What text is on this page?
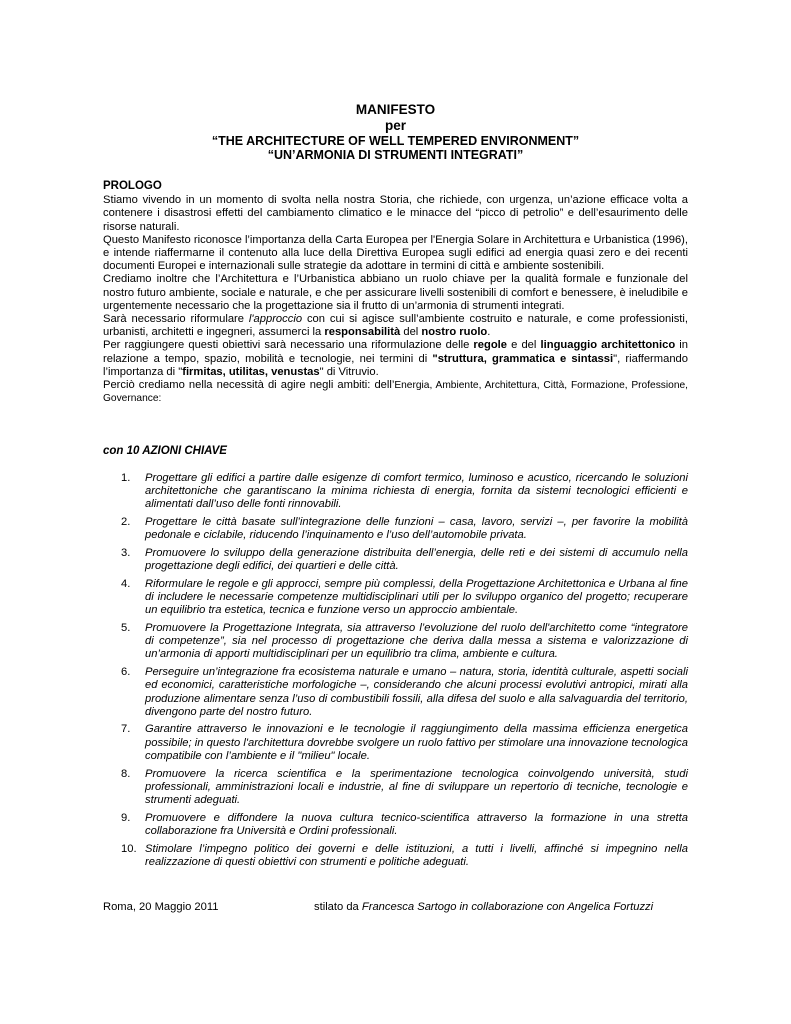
MANIFESTO
per
“THE ARCHITECTURE OF WELL TEMPERED ENVIRONMENT”
“UN’ARMONIA DI STRUMENTI INTEGRATI”
PROLOGO

Stiamo vivendo in un momento di svolta nella nostra Storia, che richiede, con urgenza, un’azione efficace volta a contenere i disastrosi effetti del cambiamento climatico e le minacce del “picco di petrolio” e dell’esaurimento delle risorse naturali.

Questo Manifesto riconosce l’importanza della Carta Europea per l'Energia Solare in Architettura e Urbanistica (1996), e intende riaffermarne il contenuto alla luce della Direttiva Europea sugli edifici ad energia quasi zero e dei recenti documenti Europei e internazionali sulle strategie da adottare in termini di città e ambiente sostenibili.

Crediamo inoltre che l’Architettura e l’Urbanistica abbiano un ruolo chiave per la qualità formale e funzionale del nostro futuro ambiente, sociale e naturale, e che per assicurare livelli sostenibili di comfort e benessere, è ineludibile e urgentemente necessario che la progettazione sia il frutto di un’armonia di strumenti integrati.

Sarà necessario riformulare l'approccio con cui si agisce sull’ambiente costruito e naturale, e come professionisti, urbanisti, architetti e ingegneri, assumerci la responsabilità del nostro ruolo.

Per raggiungere questi obiettivi sarà necessario una riformulazione delle regole e del linguaggio architettonico in relazione a tempo, spazio, mobilità e tecnologie, nei termini di "struttura, grammatica e sintassi", riaffermando l’importanza di "firmitas, utilitas, venustas" di Vitruvio.

Perciò crediamo nella necessità di agire negli ambiti: dell’Energia, Ambiente, Architettura, Città, Formazione, Professione, Governance:

con 10 AZIONI CHIAVE
1.	Progettare gli edifici a partire dalle esigenze di comfort termico, luminoso e acustico, ricercando le soluzioni architettoniche che garantiscano la minima richiesta di energia, fornita da sistemi tecnologici efficienti e alimentati dall’uso delle fonti rinnovabili.
2.	Progettare le città basate sull’integrazione delle funzioni – casa, lavoro, servizi –, per favorire la mobilità pedonale e ciclabile, riducendo l’inquinamento e l’uso dell’automobile privata.
3.	Promuovere lo sviluppo della generazione distribuita dell’energia, delle reti e dei sistemi di accumulo nella progettazione degli edifici, dei quartieri e delle città.
4.	Riformulare le regole e gli approcci, sempre più complessi, della Progettazione Architettonica e Urbana al fine di includere le necessarie competenze multidisciplinari utili per lo sviluppo organico del progetto; recuperare un equilibrio tra estetica, tecnica e funzione verso un approccio ambientale.
5.	Promuovere la Progettazione Integrata, sia attraverso l’evoluzione del ruolo dell'architetto come “integratore di competenze”, sia nel processo di progettazione che deriva dalla messa a sistema e valorizzazione di un’armonia di apporti multidisciplinari per un equilibrio tra clima, ambiente e cultura.
6.	Perseguire un’integrazione fra ecosistema naturale e umano – natura, storia, identità culturale, aspetti sociali ed economici, caratteristiche morfologiche –, considerando che alcuni processi evolutivi antropici, mirati alla produzione alimentare senza l’uso di combustibili fossili, alla difesa del suolo e alla salvaguardia del territorio, divengono parte del nostro futuro.
7.	Garantire attraverso le innovazioni e le tecnologie il raggiungimento della massima efficienza energetica possibile; in questo l'architettura dovrebbe svolgere un ruolo fattivo per stimolare una innovazione tecnologica compatibile con l’ambiente e il "milieu" locale.
8.	Promuovere la ricerca scientifica e la sperimentazione tecnologica coinvolgendo università, studi professionali, amministrazioni locali e industrie, al fine di sviluppare un repertorio di tecniche, tecnologie e strumenti adeguati.
9.	Promuovere e diffondere la nuova cultura tecnico-scientifica attraverso la formazione in una stretta collaborazione fra Università e Ordini professionali.
10. Stimolare l’impegno politico dei governi e delle istituzioni, a tutti i livelli, affinché si impegnino nella realizzazione di questi obiettivi con strumenti e politiche adeguati.
Roma, 20 Maggio 2011	stilato da Francesca Sartogo in collaborazione con Angelica Fortuzzi
